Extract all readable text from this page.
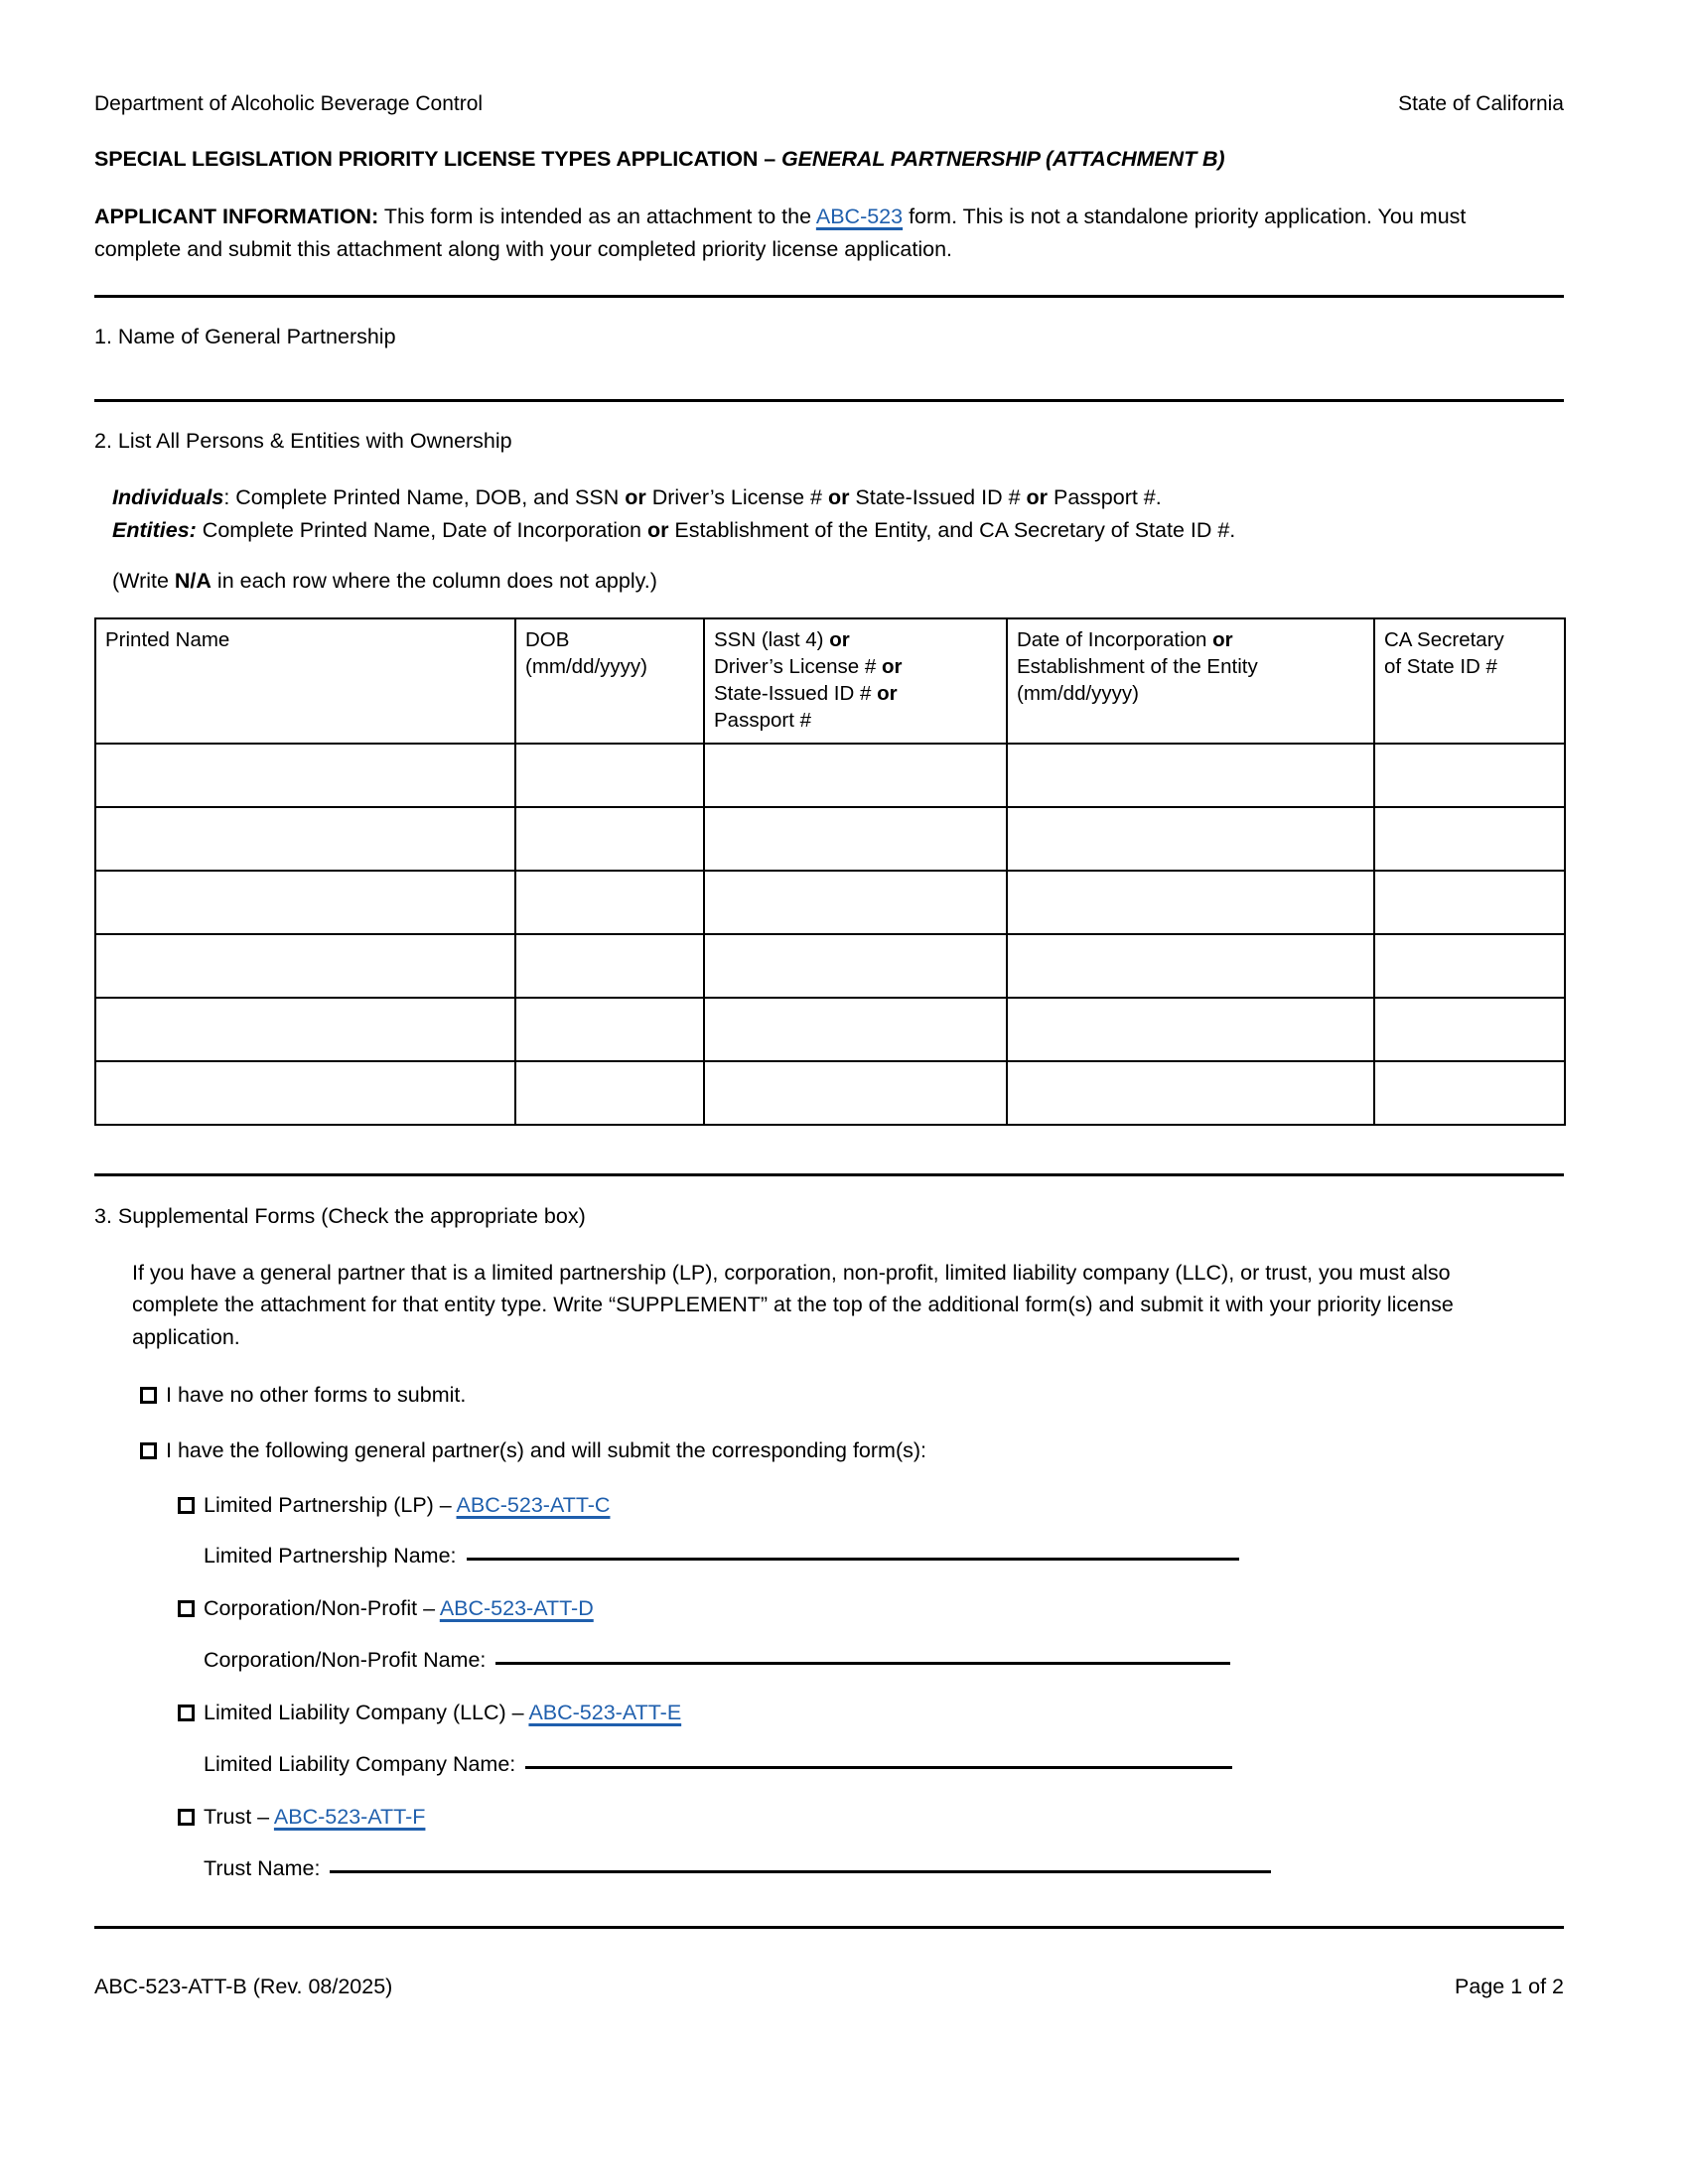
Department of Alcoholic Beverage Control	State of California
SPECIAL LEGISLATION PRIORITY LICENSE TYPES APPLICATION – GENERAL PARTNERSHIP (ATTACHMENT B)
APPLICANT INFORMATION: This form is intended as an attachment to the ABC-523 form. This is not a standalone priority application. You must complete and submit this attachment along with your completed priority license application.
1. Name of General Partnership
2. List All Persons & Entities with Ownership
Individuals: Complete Printed Name, DOB, and SSN or Driver’s License # or State-Issued ID # or Passport #.
Entities: Complete Printed Name, Date of Incorporation or Establishment of the Entity, and CA Secretary of State ID #.
(Write N/A in each row where the column does not apply.)
Printed Name	DOB
(mm/dd/yyyy)

SSN (last 4) or
Driver’s License # or
State-Issued ID # or
Passport #

Date of Incorporation or
Establishment of the Entity
(mm/dd/yyyy)

CA Secretary
of State ID #

3. Supplemental Forms (Check the appropriate box)
If you have a general partner that is a limited partnership (LP), corporation, non-profit, limited liability company (LLC), or trust, you must also complete the attachment for that entity type. Write “SUPPLEMENT” at the top of the additional form(s) and submit it with your priority license application.
I have no other forms to submit.
I have the following general partner(s) and will submit the corresponding form(s):
Limited Partnership (LP) – ABC-523-ATT-C
Limited Partnership Name:
Corporation/Non-Profit – ABC-523-ATT-D
Corporation/Non-Profit Name:
Limited Liability Company (LLC) – ABC-523-ATT-E
Limited Liability Company Name:
Trust – ABC-523-ATT-F
Trust Name:
ABC-523-ATT-B (Rev. 08/2025)	Page 1 of 2
